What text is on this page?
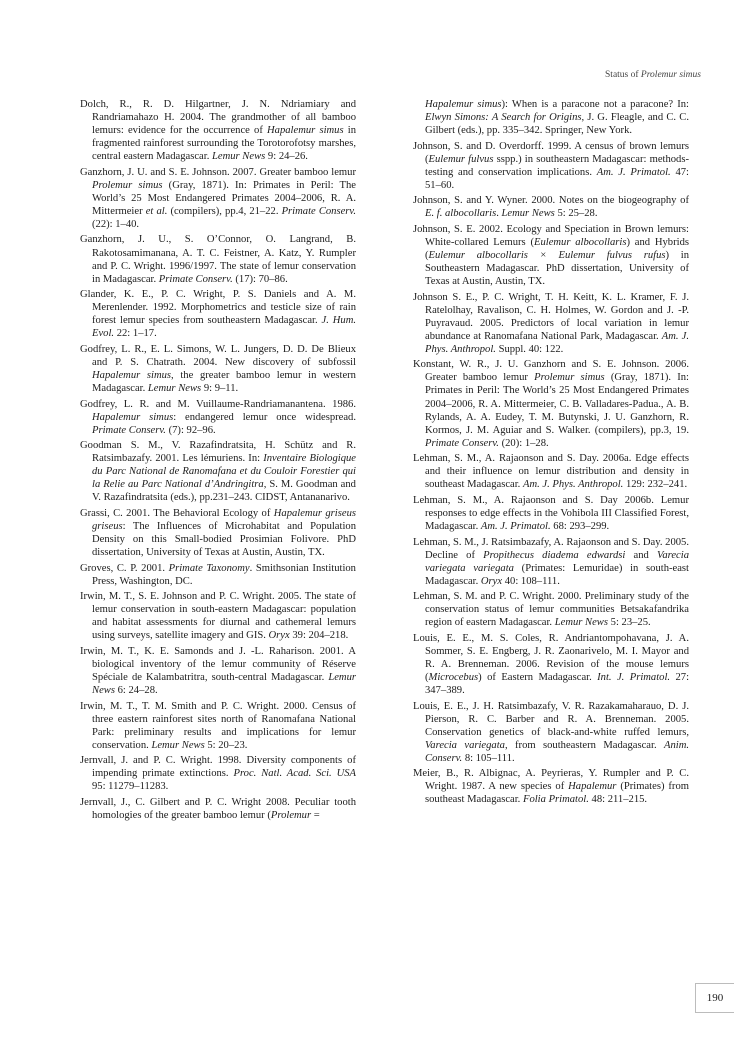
Status of Prolemur simus

Dolch, R., R. D. Hilgartner, J. N. Ndriamiary and Randriamahazo H. 2004. The grandmother of all bamboo lemurs: evidence for the occurrence of Hapalemur simus in fragmented rainforest surrounding the Torotorofotsy marshes, central eastern Madagascar. Lemur News 9: 24–26.

Ganzhorn, J. U. and S. E. Johnson. 2007. Greater bamboo lemur Prolemur simus (Gray, 1871). In: Primates in Peril: The World’s 25 Most Endangered Primates 2004–2006, R. A. Mittermeier et al. (compilers), pp.4, 21–22. Primate Conserv. (22): 1–40.

Ganzhorn, J. U., S. O’Connor, O. Langrand, B. Rakotosamimanana, A. T. C. Feistner, A. Katz, Y. Rumpler and P. C. Wright. 1996/1997. The state of lemur conservation in Madagascar. Primate Conserv. (17): 70–86.

Glander, K. E., P. C. Wright, P. S. Daniels and A. M. Merenlender. 1992. Morphometrics and testicle size of rain forest lemur species from southeastern Madagascar. J. Hum. Evol. 22: 1–17.

Godfrey, L. R., E. L. Simons, W. L. Jungers, D. D. De Blieux and P. S. Chatrath. 2004. New discovery of subfossil Hapalemur simus, the greater bamboo lemur in western Madagascar. Lemur News 9: 9–11.

Godfrey, L. R. and M. Vuillaume-Randriamanantena. 1986. Hapalemur simus: endangered lemur once widespread. Primate Conserv. (7): 92–96.

Goodman S. M., V. Razafindratsita, H. Schütz and R. Ratsimbazafy. 2001. Les lémuriens. In: Inventaire Biologique du Parc National de Ranomafana et du Couloir Forestier qui la Relie au Parc National d’Andringitra, S. M. Goodman and V. Razafindratsita (eds.), pp.231–243. CIDST, Antananarivo.

Grassi, C. 2001. The Behavioral Ecology of Hapalemur griseus griseus: The Influences of Microhabitat and Population Density on this Small-bodied Prosimian Folivore. PhD dissertation, University of Texas at Austin, Austin, TX.

Groves, C. P. 2001. Primate Taxonomy. Smithsonian Institution Press, Washington, DC.

Irwin, M. T., S. E. Johnson and P. C. Wright. 2005. The state of lemur conservation in south-eastern Madagascar: population and habitat assessments for diurnal and cathemeral lemurs using surveys, satellite imagery and GIS. Oryx 39: 204–218.

Irwin, M. T., K. E. Samonds and J. -L. Raharison. 2001. A biological inventory of the lemur community of Réserve Spéciale de Kalambatritra, south-central Madagascar. Lemur News 6: 24–28.

Irwin, M. T., T. M. Smith and P. C. Wright. 2000. Census of three eastern rainforest sites north of Ranomafana National Park: preliminary results and implications for lemur conservation. Lemur News 5: 20–23.

Jernvall, J. and P. C. Wright. 1998. Diversity components of impending primate extinctions. Proc. Natl. Acad. Sci. USA 95: 11279–11283.

Jernvall, J., C. Gilbert and P. C. Wright 2008. Peculiar tooth homologies of the greater bamboo lemur (Prolemur =

Hapalemur simus): When is a paracone not a paracone? In: Elwyn Simons: A Search for Origins, J. G. Fleagle, and C. C. Gilbert (eds.), pp. 335–342. Springer, New York.

Johnson, S. and D. Overdorff. 1999. A census of brown lemurs (Eulemur fulvus sspp.) in southeastern Madagascar: methods-testing and conservation implications. Am. J. Primatol. 47: 51–60.

Johnson, S. and Y. Wyner. 2000. Notes on the biogeography of E. f. albocollaris. Lemur News 5: 25–28.

Johnson, S. E. 2002. Ecology and Speciation in Brown lemurs: White-collared Lemurs (Eulemur albocollaris) and Hybrids (Eulemur albocollaris × Eulemur fulvus rufus) in Southeastern Madagascar. PhD dissertation, University of Texas at Austin, Austin, TX.

Johnson S. E., P. C. Wright, T. H. Keitt, K. L. Kramer, F. J. Ratelolhay, Ravalison, C. H. Holmes, W. Gordon and J. -P. Puyravaud. 2005. Predictors of local variation in lemur abundance at Ranomafana National Park, Madagascar. Am. J. Phys. Anthropol. Suppl. 40: 122.

Konstant, W. R., J. U. Ganzhorn and S. E. Johnson. 2006. Greater bamboo lemur Prolemur simus (Gray, 1871). In: Primates in Peril: The World’s 25 Most Endangered Primates 2004–2006, R. A. Mittermeier, C. B. Valladares-Padua., A. B. Rylands, A. A. Eudey, T. M. Butynski, J. U. Ganzhorn, R. Kormos, J. M. Aguiar and S. Walker. (compilers), pp.3, 19. Primate Conserv. (20): 1–28.

Lehman, S. M., A. Rajaonson and S. Day. 2006a. Edge effects and their influence on lemur distribution and density in southeast Madagascar. Am. J. Phys. Anthropol. 129: 232–241.

Lehman, S. M., A. Rajaonson and S. Day 2006b. Lemur responses to edge effects in the Vohibola III Classified Forest, Madagascar. Am. J. Primatol. 68: 293–299.

Lehman, S. M., J. Ratsimbazafy, A. Rajaonson and S. Day. 2005. Decline of Propithecus diadema edwardsi and Varecia variegata variegata (Primates: Lemuridae) in south-east Madagascar. Oryx 40: 108–111.

Lehman, S. M. and P. C. Wright. 2000. Preliminary study of the conservation status of lemur communities Betsakafandrika region of eastern Madagascar. Lemur News 5: 23–25.

Louis, E. E., M. S. Coles, R. Andriantompohavana, J. A. Sommer, S. E. Engberg, J. R. Zaonarivelo, M. I. Mayor and R. A. Brenneman. 2006. Revision of the mouse lemurs (Microcebus) of Eastern Madagascar. Int. J. Primatol. 27: 347–389.

Louis, E. E., J. H. Ratsimbazafy, V. R. Razakamaharauo, D. J. Pierson, R. C. Barber and R. A. Brenneman. 2005. Conservation genetics of black-and-white ruffed lemurs, Varecia variegata, from southeastern Madagascar. Anim. Conserv. 8: 105–111.

Meier, B., R. Albignac, A. Peyrieras, Y. Rumpler and P. C. Wright. 1987. A new species of Hapalemur (Primates) from southeast Madagascar. Folia Primatol. 48: 211–215.

190
